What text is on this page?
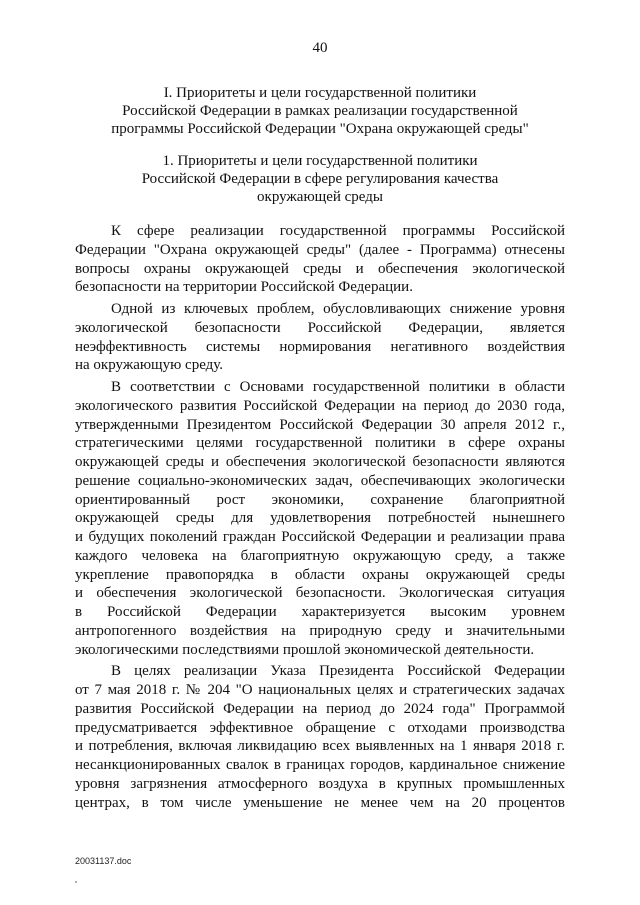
40
I. Приоритеты и цели государственной политики
Российской Федерации в рамках реализации государственной
программы Российской Федерации "Охрана окружающей среды"
1. Приоритеты и цели государственной политики
Российской Федерации в сфере регулирования качества
окружающей среды
К сфере реализации государственной программы Российской
Федерации "Охрана окружающей среды" (далее - Программа) отнесены
вопросы охраны окружающей среды и обеспечения экологической
безопасности на территории Российской Федерации.
Одной из ключевых проблем, обусловливающих снижение уровня
экологической безопасности Российской Федерации, является
неэффективность системы нормирования негативного воздействия
на окружающую среду.
В соответствии с Основами государственной политики в области
экологического развития Российской Федерации на период до 2030 года,
утвержденными Президентом Российской Федерации 30 апреля 2012 г.,
стратегическими целями государственной политики в сфере охраны
окружающей среды и обеспечения экологической безопасности являются
решение социально-экономических задач, обеспечивающих экологически
ориентированный рост экономики, сохранение благоприятной
окружающей среды для удовлетворения потребностей нынешнего
и будущих поколений граждан Российской Федерации и реализации права
каждого человека на благоприятную окружающую среду, а также
укрепление правопорядка в области охраны окружающей среды
и обеспечения экологической безопасности. Экологическая ситуация
в Российской Федерации характеризуется высоким уровнем
антропогенного воздействия на природную среду и значительными
экологическими последствиями прошлой экономической деятельности.
В целях реализации Указа Президента Российской Федерации
от 7 мая 2018 г. № 204 "О национальных целях и стратегических задачах
развития Российской Федерации на период до 2024 года" Программой
предусматривается эффективное обращение с отходами производства
и потребления, включая ликвидацию всех выявленных на 1 января 2018 г.
несанкционированных свалок в границах городов, кардинальное снижение
уровня загрязнения атмосферного воздуха в крупных промышленных
центрах, в том числе уменьшение не менее чем на 20 процентов
20031137.doc
